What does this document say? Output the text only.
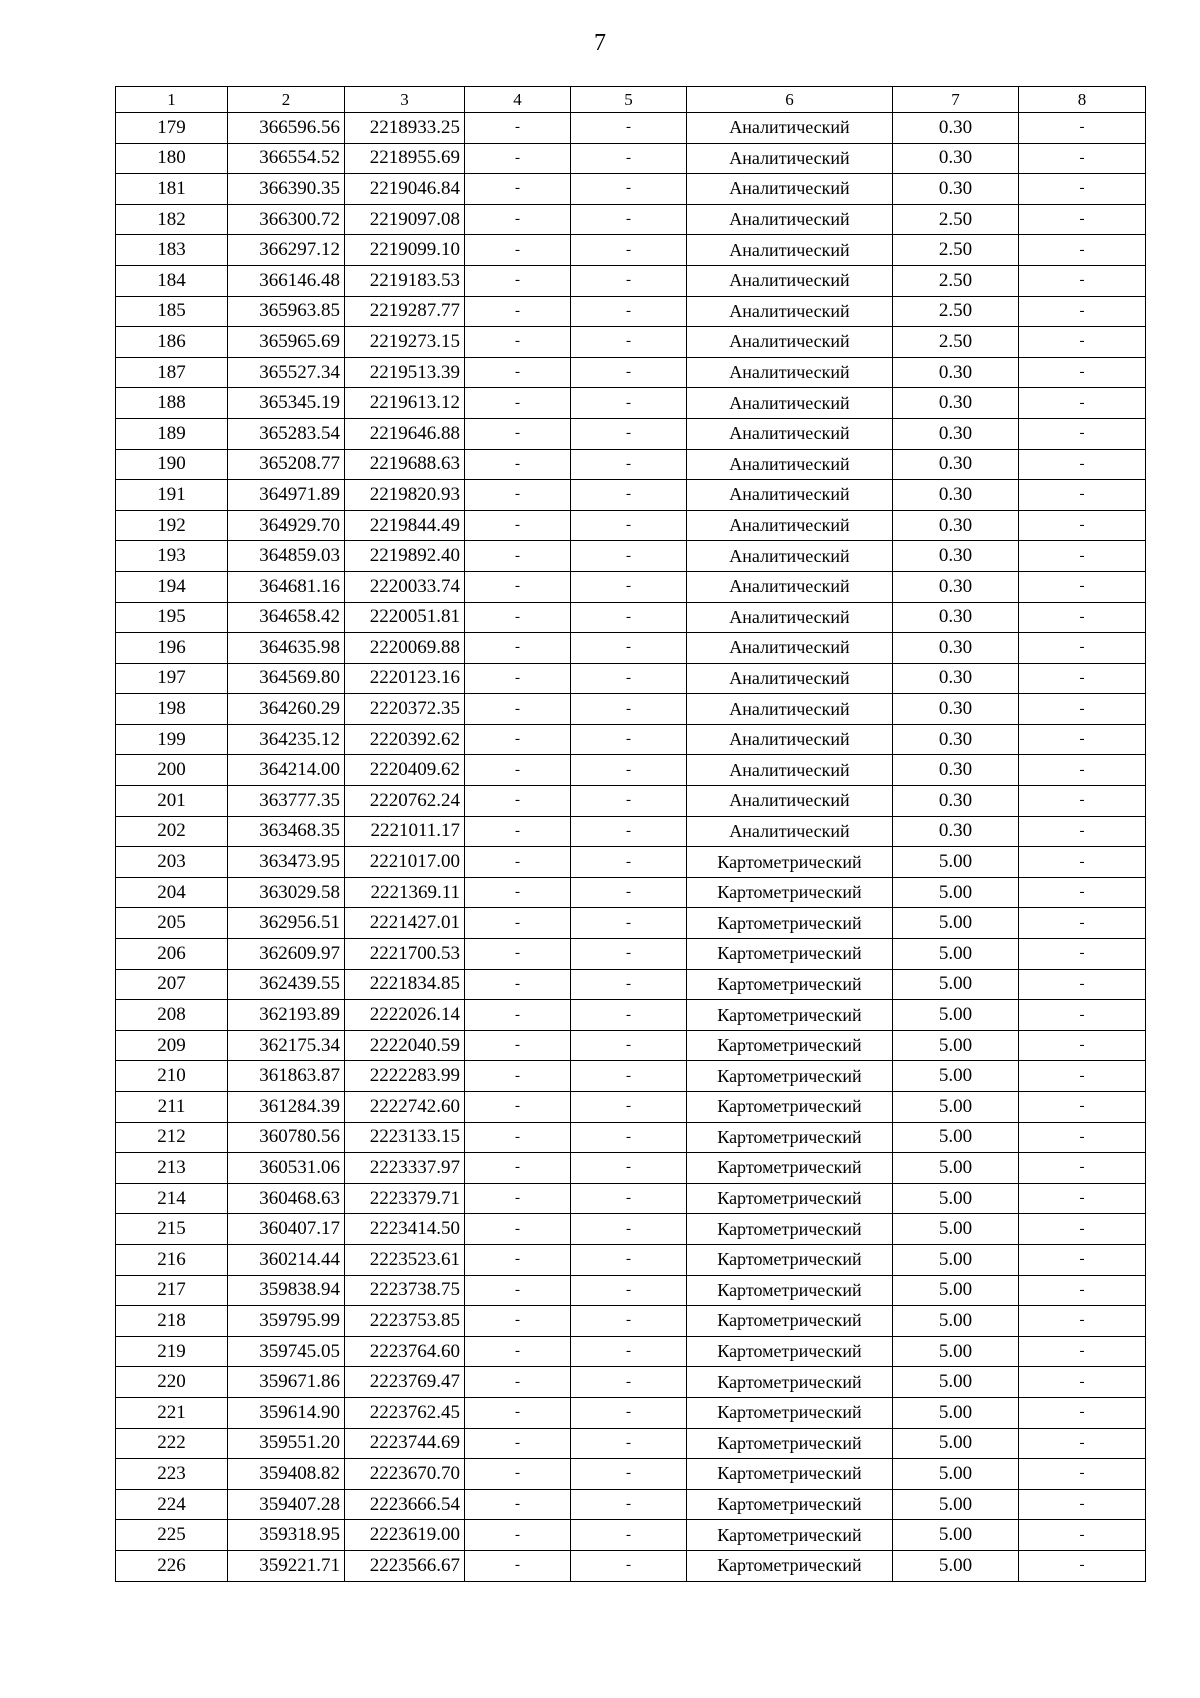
7
1	2	3	4	5	6	7	8
179	366596.56	2218933.25	-	-	Аналитический	0.30	-
180	366554.52	2218955.69	-	-	Аналитический	0.30	-
181	366390.35	2219046.84	-	-	Аналитический	0.30	-
182	366300.72	2219097.08	-	-	Аналитический	2.50	-
183	366297.12	2219099.10	-	-	Аналитический	2.50	-
184	366146.48	2219183.53	-	-	Аналитический	2.50	-
185	365963.85	2219287.77	-	-	Аналитический	2.50	-
186	365965.69	2219273.15	-	-	Аналитический	2.50	-
187	365527.34	2219513.39	-	-	Аналитический	0.30	-
188	365345.19	2219613.12	-	-	Аналитический	0.30	-
189	365283.54	2219646.88	-	-	Аналитический	0.30	-
190	365208.77	2219688.63	-	-	Аналитический	0.30	-
191	364971.89	2219820.93	-	-	Аналитический	0.30	-
192	364929.70	2219844.49	-	-	Аналитический	0.30	-
193	364859.03	2219892.40	-	-	Аналитический	0.30	-
194	364681.16	2220033.74	-	-	Аналитический	0.30	-
195	364658.42	2220051.81	-	-	Аналитический	0.30	-
196	364635.98	2220069.88	-	-	Аналитический	0.30	-
197	364569.80	2220123.16	-	-	Аналитический	0.30	-
198	364260.29	2220372.35	-	-	Аналитический	0.30	-
199	364235.12	2220392.62	-	-	Аналитический	0.30	-
200	364214.00	2220409.62	-	-	Аналитический	0.30	-
201	363777.35	2220762.24	-	-	Аналитический	0.30	-
202	363468.35	2221011.17	-	-	Аналитический	0.30	-
203	363473.95	2221017.00	-	-	Картометрический	5.00	-
204	363029.58	2221369.11	-	-	Картометрический	5.00	-
205	362956.51	2221427.01	-	-	Картометрический	5.00	-
206	362609.97	2221700.53	-	-	Картометрический	5.00	-
207	362439.55	2221834.85	-	-	Картометрический	5.00	-
208	362193.89	2222026.14	-	-	Картометрический	5.00	-
209	362175.34	2222040.59	-	-	Картометрический	5.00	-
210	361863.87	2222283.99	-	-	Картометрический	5.00	-
211	361284.39	2222742.60	-	-	Картометрический	5.00	-
212	360780.56	2223133.15	-	-	Картометрический	5.00	-
213	360531.06	2223337.97	-	-	Картометрический	5.00	-
214	360468.63	2223379.71	-	-	Картометрический	5.00	-
215	360407.17	2223414.50	-	-	Картометрический	5.00	-
216	360214.44	2223523.61	-	-	Картометрический	5.00	-
217	359838.94	2223738.75	-	-	Картометрический	5.00	-
218	359795.99	2223753.85	-	-	Картометрический	5.00	-
219	359745.05	2223764.60	-	-	Картометрический	5.00	-
220	359671.86	2223769.47	-	-	Картометрический	5.00	-
221	359614.90	2223762.45	-	-	Картометрический	5.00	-
222	359551.20	2223744.69	-	-	Картометрический	5.00	-
223	359408.82	2223670.70	-	-	Картометрический	5.00	-
224	359407.28	2223666.54	-	-	Картометрический	5.00	-
225	359318.95	2223619.00	-	-	Картометрический	5.00	-
226	359221.71	2223566.67	-	-	Картометрический	5.00	-
